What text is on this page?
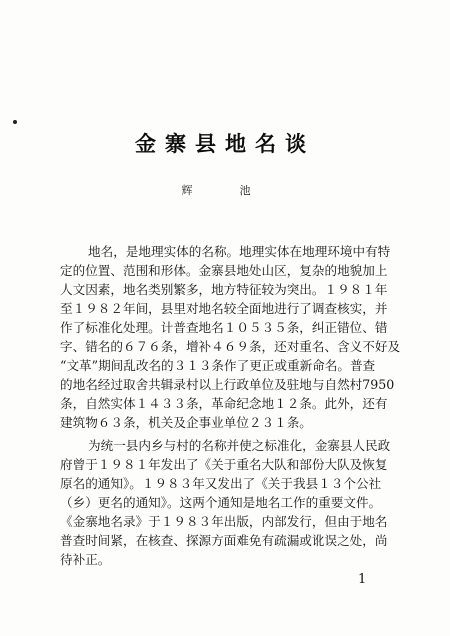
金寨县地名谈
辉　池
地名，是地理实体的名称。地理实体在地理环境中有特
定的位置、范围和形体。金寨县地处山区，复杂的地貌加上
人文因素，地名类别繁多，地方特征较为突出。１９８１年
至１９８２年间，县里对地名较全面地进行了调查核实，并
作了标准化处理。计普查地名１０５３５条，纠正错位、错
字、错名的６７６条，增补４６９条，还对重名、含义不好及
“文革”期间乱改名的３１３条作了更正或重新命名。普查
的地名经过取舍共辑录村以上行政单位及驻地与自然村7950
条，自然实体１４３３条，革命纪念地１２条。此外，还有
建筑物６３条，机关及企事业单位２３１条。
为统一县内乡与村的名称并使之标准化，金寨县人民政
府曾于１９８１年发出了《关于重名大队和部份大队及恢复
原名的通知》。１９８３年又发出了《关于我县１３个公社
（乡）更名的通知》。这两个通知是地名工作的重要文件。
《金寨地名录》于１９８３年出版，内部发行，但由于地名
普查时间紧，在核查、探源方面难免有疏漏或讹误之处，尚
待补正。
1
